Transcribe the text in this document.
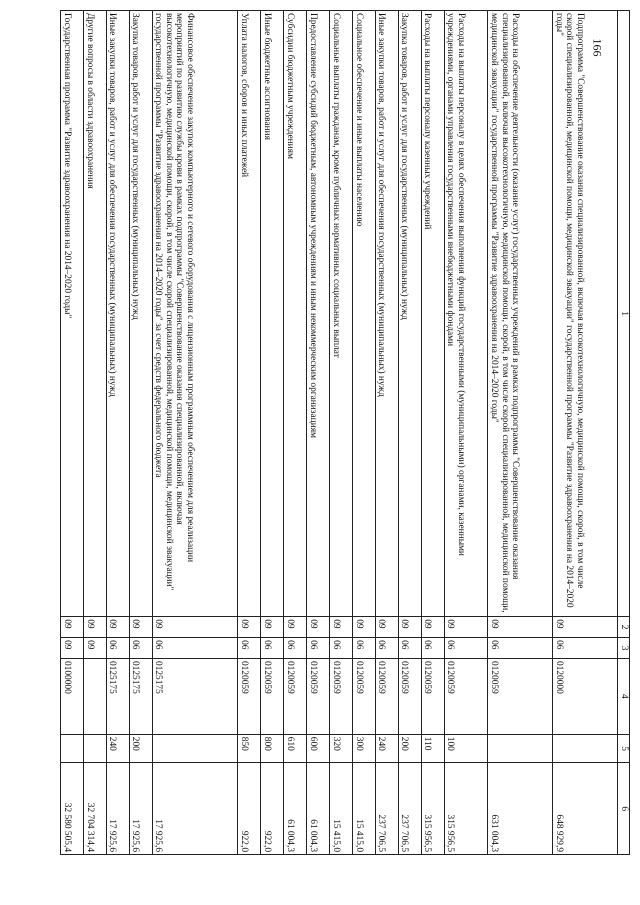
166
1	2	3	4	5	6
Подпрограмма "Совершенствование оказания специализированной, включая высокотехнологичную, медицинской помощи, скорой, в том числе скорой специализированной, медицинской помощи, медицинской эвакуации" государственной программы "Развитие здравоохранения на 2014–2020 годы"	09	06	0120000		648 929,9
Расходы на обеспечение деятельности (оказание услуг) государственных учреждений в рамках подпрограммы "Совершенствование оказания специализированной, включая высокотехнологичную, медицинской помощи, скорой, в том числе скорой специализированной, медицинской помощи, медицинской эвакуации" государственной программы "Развитие здравоохранения на 2014–2020 годы"	09	06	0120059		631 004,3
Расходы на выплаты персоналу в целях обеспечения выполнения функций государственными (муниципальными) органами, казенными учреждениями, органами управления государственными внебюджетными фондами	09	06	0120059	100	315 956,5
Расходы на выплаты персоналу казенных учреждений	09	06	0120059	110	315 956,5
Закупка товаров, работ и услуг для государственных (муниципальных) нужд	09	06	0120059	200	237 706,5
Иные закупки товаров, работ и услуг для обеспечения государственных (муниципальных) нужд	09	06	0120059	240	237 706,5
Социальное обеспечение и иные выплаты населению	09	06	0120059	300	15 415,0
Социальные выплаты гражданам, кроме публичных нормативных социальных выплат	09	06	0120059	320	15 415,0
Предоставление субсидий бюджетным, автономным учреждениям и иным некоммерческим организациям	09	06	0120059	600	61 004,3
Субсидии бюджетным учреждениям	09	06	0120059	610	61 004,3
Иные бюджетные ассигнования	09	06	0120059	800	922,0
Уплата налогов, сборов и иных платежей	09	06	0120059	850	922,0
Финансовое обеспечение закупок компьютерного и сетевого оборудования с лицензионным программным обеспечением для реализации мероприятий по развитию службы крови в рамках подпрограммы "Совершенствование оказания специализированной, включая высокотехнологичную, медицинской помощи, скорой, в том числе скорой специализированной, медицинской помощи, медицинской эвакуации" государственной программы "Развитие здравоохранения на 2014–2020 годы" за счет средств федерального бюджета	09	06	0125175		17 925,6
Закупка товаров, работ и услуг для государственных (муниципальных) нужд	09	06	0125175	200	17 925,6
Иные закупки товаров, работ и услуг для обеспечения государственных (муниципальных) нужд	09	06	0125175	240	17 925,6
Другие вопросы в области здравоохранения	09	09			32 704 314,4
Государственная программа "Развитие здравоохранения на 2014–2020 годы"	09	09	0100000		32 580 505,4
